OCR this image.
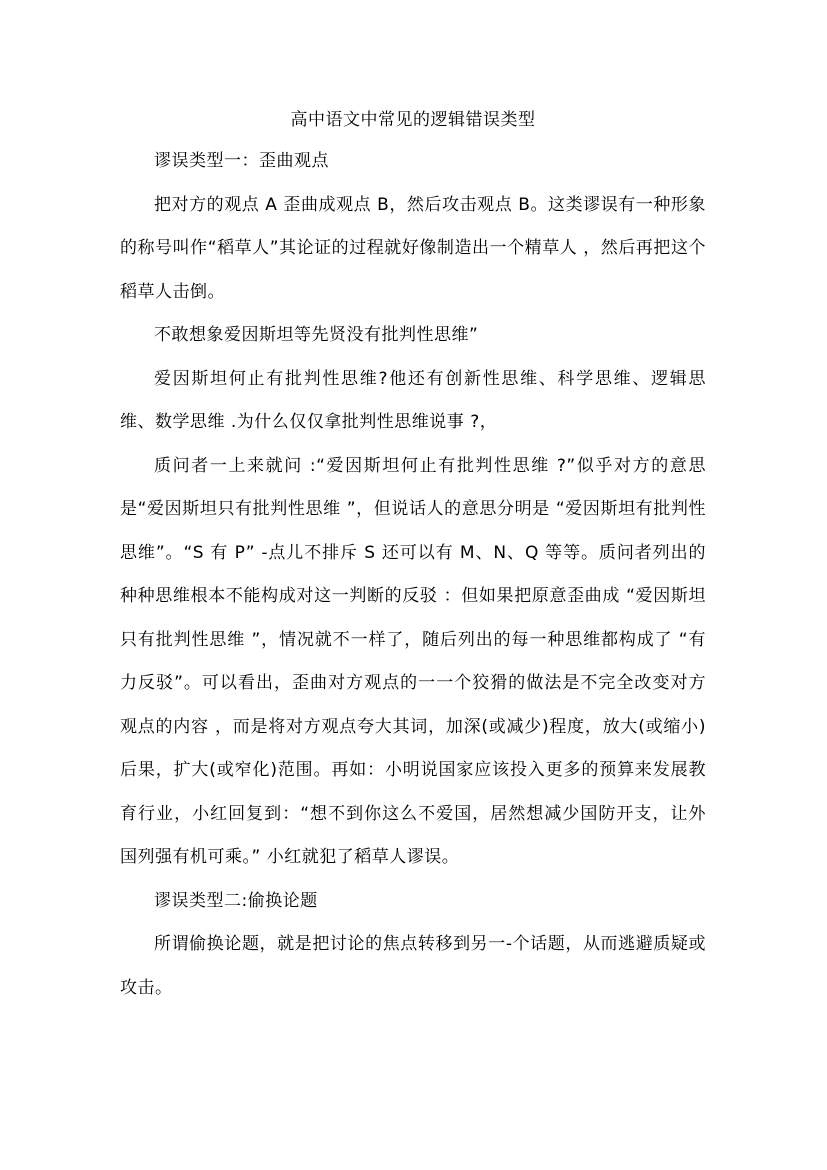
高中语文中常见的逻辑错误类型

谬误类型一：歪曲观点

把对方的观点 A 歪曲成观点 B，然后攻击观点 B。这类谬误有一种形象的称号叫作“稻草人”其论证的过程就好像制造出一个精草人 ，然后再把这个稻草人击倒。

不敢想象爱因斯坦等先贤没有批判性思维”

爱因斯坦何止有批判性思维?他还有创新性思维、科学思维、逻辑思维、数学思维 .为什么仅仅拿批判性思维说事 ?，

质问者一上来就问 :“爱因斯坦何止有批判性思维 ?”似乎对方的意思是“爱因斯坦只有批判性思维 ”，但说话人的意思分明是 “爱因斯坦有批判性思维”。“S 有 P” -点儿不排斥 S 还可以有 M、N、Q 等等。质问者列出的种种思维根本不能构成对这一判断的反驳 ：但如果把原意歪曲成 “爱因斯坦只有批判性思维 ”，情况就不一样了，随后列出的每一种思维都构成了 “有力反驳”。可以看出，歪曲对方观点的一一个狡猾的做法是不完全改变对方观点的内容 ，而是将对方观点夸大其词，加深(或减少)程度，放大(或缩小)后果，扩大(或窄化)范围。再如：小明说国家应该投入更多的预算来发展教育行业，小红回复到：“想不到你这么不爱国，居然想减少国防开支，让外国列强有机可乘。” 小红就犯了稻草人谬误。

谬误类型二:偷换论题

所谓偷换论题，就是把讨论的焦点转移到另一-个话题，从而逃避质疑或攻击。
